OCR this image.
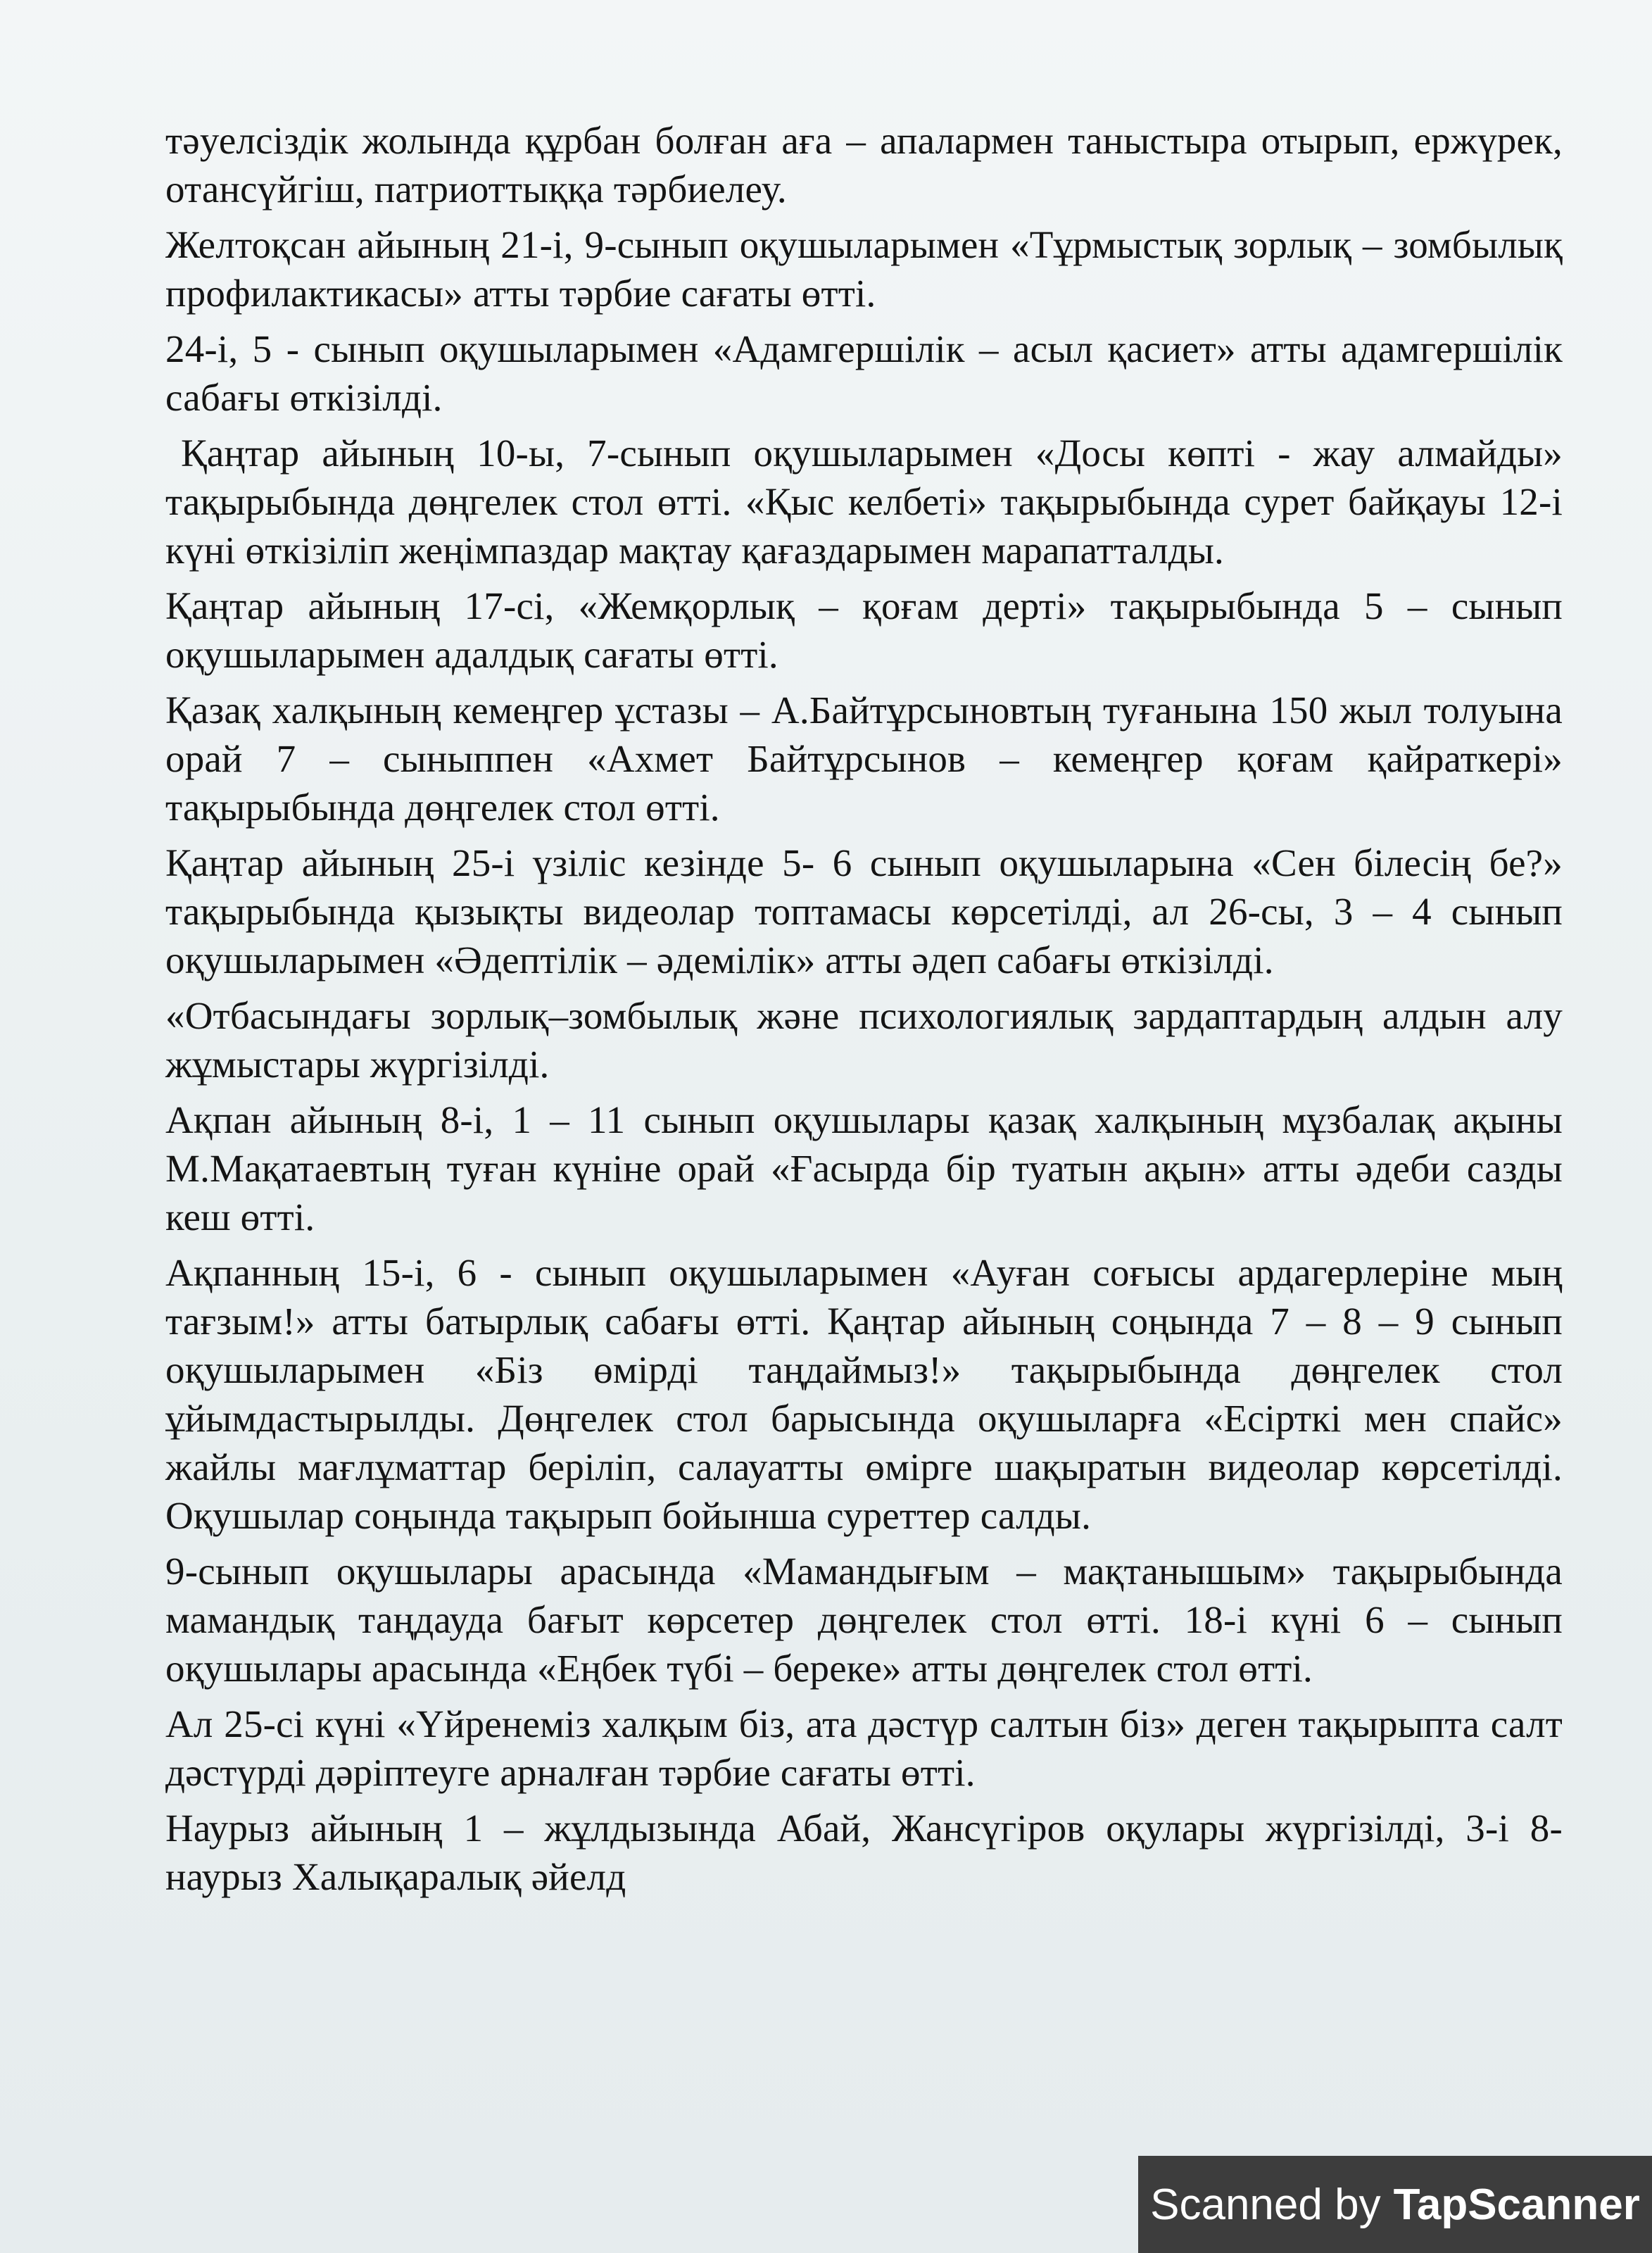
тәуелсіздік жолында құрбан болған аға – апалармен таныстыра отырып, ержүрек, отансүйгіш, патриоттыққа тәрбиелеу.

Желтоқсан айының 21-і, 9-сынып оқушыларымен «Тұрмыстық зорлық – зомбылық профилактикасы» атты тәрбие сағаты өтті.

24-і, 5 - сынып оқушыларымен «Адамгершілік – асыл қасиет» атты адамгершілік сабағы өткізілді.

Қаңтар айының 10-ы, 7-сынып оқушыларымен «Досы көпті - жау алмайды» тақырыбында дөңгелек стол өтті. «Қыс келбеті» тақырыбында сурет байқауы 12-і күні өткізіліп жеңімпаздар мақтау қағаздарымен марапатталды.

Қаңтар айының 17-сі, «Жемқорлық – қоғам дерті» тақырыбында 5 – сынып оқушыларымен адалдық сағаты өтті.

Қазақ халқының кемеңгер ұстазы – А.Байтұрсыновтың туғанына 150 жыл толуына орай 7 – сыныппен «Ахмет Байтұрсынов – кемеңгер қоғам қайраткері» тақырыбында дөңгелек стол өтті.

Қаңтар айының 25-і үзіліс кезінде 5- 6 сынып оқушыларына «Сен білесің бе?» тақырыбында қызықты видеолар топтамасы көрсетілді, ал 26-сы, 3 – 4 сынып оқушыларымен «Әдептілік – әдемілік» атты әдеп сабағы өткізілді.

«Отбасындағы зорлық–зомбылық және психологиялық зардаптардың алдын алу жұмыстары жүргізілді.

Ақпан айының 8-і, 1 – 11 сынып оқушылары қазақ халқының мұзбалақ ақыны М.Мақатаевтың туған күніне орай «Ғасырда бір туатын ақын» атты әдеби сазды кеш өтті.

Ақпанның 15-і, 6 - сынып оқушыларымен «Ауған соғысы ардагерлеріне мың тағзым!» атты батырлық сабағы өтті. Қаңтар айының соңында 7 – 8 – 9 сынып оқушыларымен «Біз өмірді таңдаймыз!» тақырыбында дөңгелек стол ұйымдастырылды. Дөңгелек стол барысында оқушыларға «Есірткі мен спайс» жайлы мағлұматтар беріліп, салауатты өмірге шақыратын видеолар көрсетілді. Оқушылар соңында тақырып бойынша суреттер салды.

9-сынып оқушылары арасында «Мамандығым – мақтанышым» тақырыбында мамандық таңдауда бағыт көрсетер дөңгелек стол өтті. 18-і күні 6 – сынып оқушылары арасында «Еңбек түбі – береке» атты дөңгелек стол өтті.

Ал 25-сі күні «Үйренеміз халқым біз, ата дәстүр салтын біз» деген тақырыпта салт дәстүрді дәріптеуге арналған тәрбие сағаты өтті.

Наурыз айының 1 – жұлдызында Абай, Жансүгіров оқулары жүргізілді, 3-і 8- наурыз Халықаралық әйелд

Scanned by TapScanner
